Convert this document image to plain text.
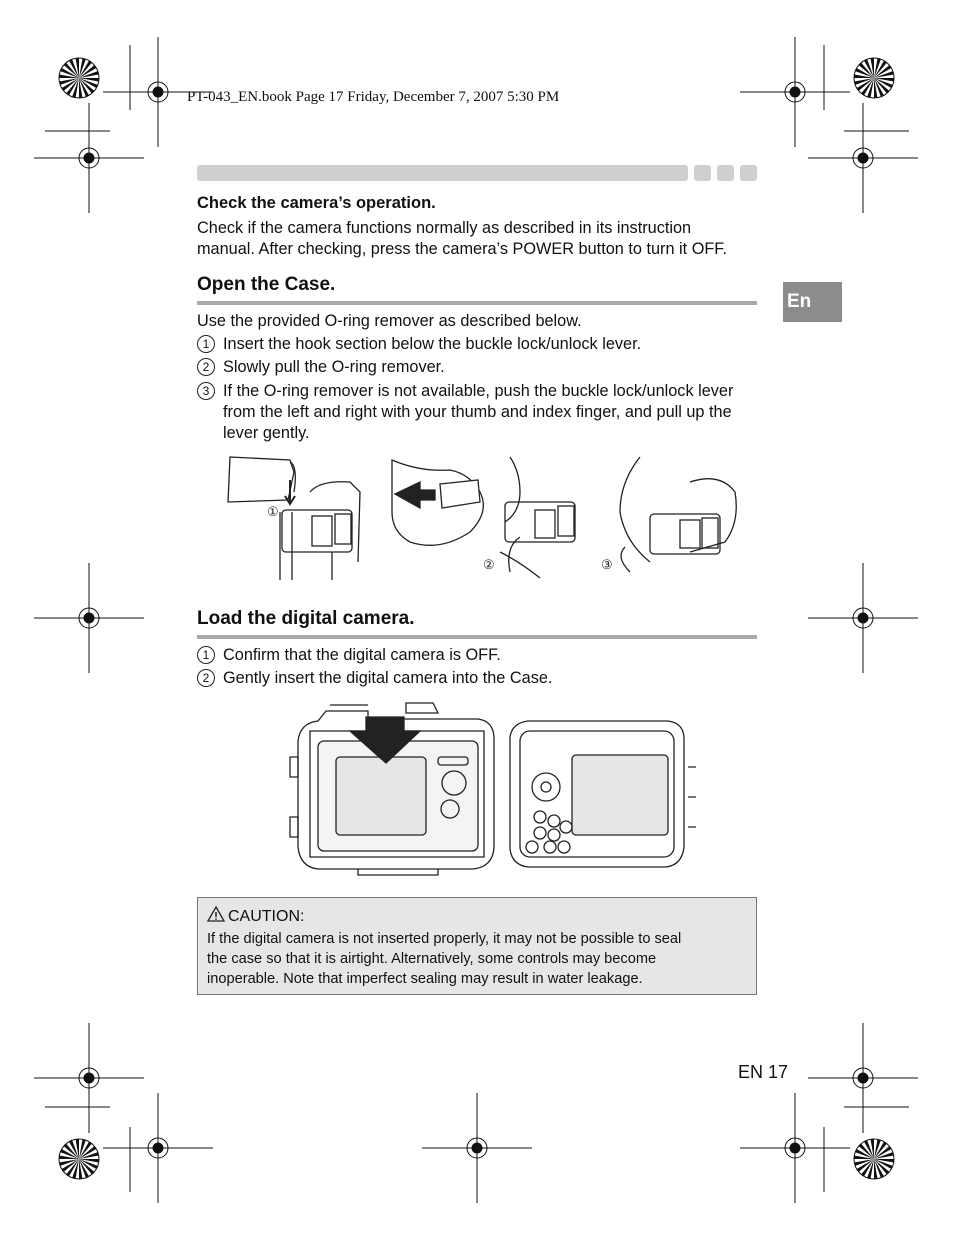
PT-043_EN.book Page 17 Friday, December 7, 2007 5:30 PM
Check the camera’s operation.
Check if the camera functions normally as described in its instruction
manual. After checking, press the camera’s POWER button to turn it OFF.
En
Open the Case.
Use the provided O-ring remover as described below.
1 Insert the hook section below the buckle lock/unlock lever.
2 Slowly pull the O-ring remover.
3 If the O-ring remover is not available, push the buckle lock/unlock lever
from the left and right with your thumb and index finger, and pull up the
lever gently.
①
②	③
Load the digital camera.
1 Confirm that the digital camera is OFF.
2 Gently insert the digital camera into the Case.
CAUTION:
If the digital camera is not inserted properly, it may not be possible to seal
the case so that it is airtight. Alternatively, some controls may become
inoperable. Note that imperfect sealing may result in water leakage.
EN 17
